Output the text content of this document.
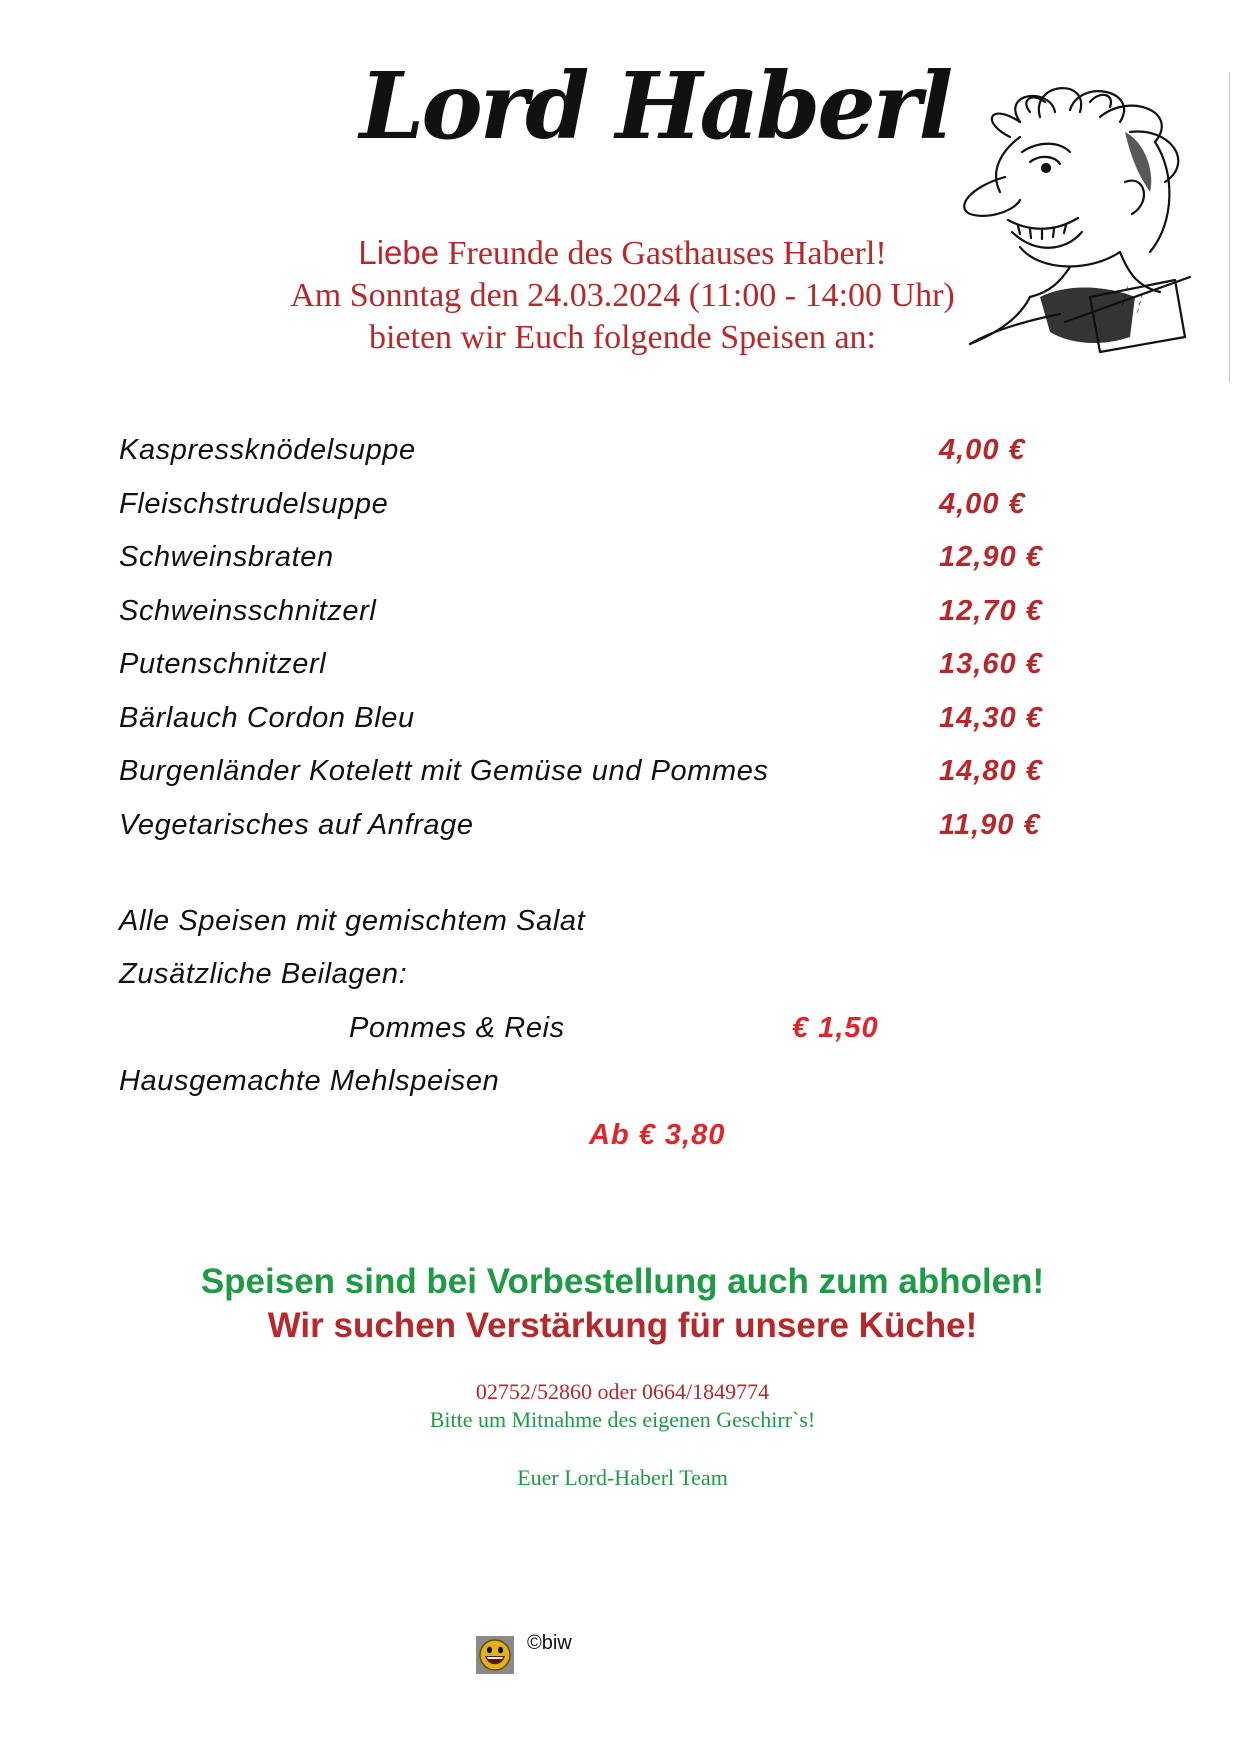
Lord Haberl
~ ~ ~ ~ ~ ~
Liebe Freunde des Gasthauses Haberl!
Am Sonntag den 24.03.2024 (11:00 - 14:00 Uhr)
bieten wir Euch folgende Speisen an:
Kaspressknödelsuppe	4,00 €
Fleischstrudelsuppe	4,00 €
Schweinsbraten	12,90 €
Schweinsschnitzerl	12,70 €
Putenschnitzerl	13,60 €
Bärlauch Cordon Bleu	14,30 €
Burgenländer Kotelett mit Gemüse und Pommes	14,80 €
Vegetarisches auf Anfrage	11,90 €
Alle Speisen mit gemischtem Salat
Zusätzliche Beilagen:
Pommes & Reis	€ 1,50
Hausgemachte Mehlspeisen
Ab € 3,80
Speisen sind bei Vorbestellung auch zum abholen!
Wir suchen Verstärkung für unsere Küche!
02752/52860 oder 0664/1849774
Bitte um Mitnahme des eigenen Geschirr`s!
Euer Lord-Haberl Team
©biw
